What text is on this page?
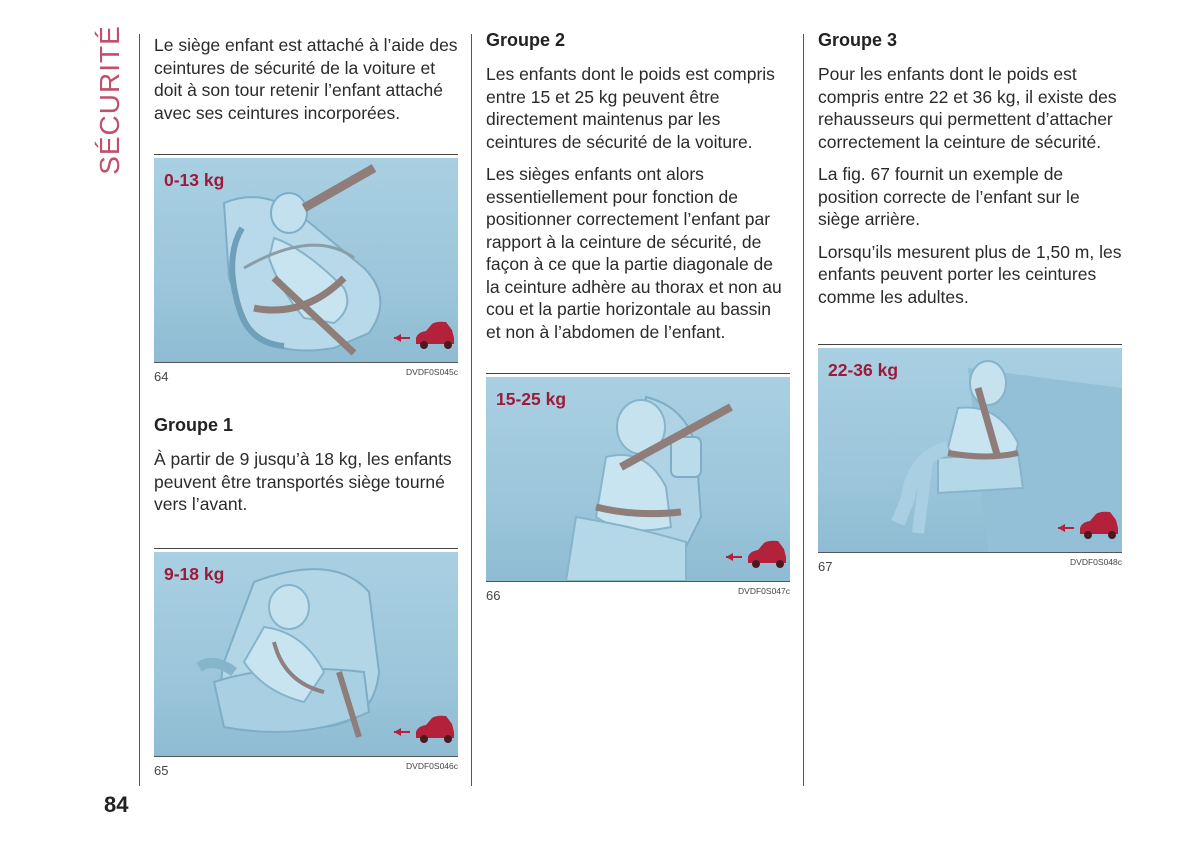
SÉCURITÉ Le siège enfant est attaché à l’aide des ceintures de sécurité de la voiture et doit à son tour retenir l’enfant attaché avec ses ceintures incorporées.

0-13 kg
64	DVDF0S045c
Groupe 1

À partir de 9 jusqu’à 18 kg, les enfants peuvent être transportés siège tourné vers l’avant.

9-18 kg
65	DVDF0S046c
Groupe 2

Les enfants dont le poids est compris entre 15 et 25 kg peuvent être directement maintenus par les ceintures de sécurité de la voiture.

Les sièges enfants ont alors essentiellement pour fonction de positionner correctement l’enfant par rapport à la ceinture de sécurité, de façon à ce que la partie diagonale de la ceinture adhère au thorax et non au cou et la partie horizontale au bassin et non à l’abdomen de l’enfant.

15-25 kg
66	DVDF0S047c
Groupe 3

Pour les enfants dont le poids est compris entre 22 et 36 kg, il existe des rehausseurs qui permettent d’attacher correctement la ceinture de sécurité.

La fig. 67 fournit un exemple de position correcte de l’enfant sur le siège arrière.

Lorsqu’ils mesurent plus de 1,50 m, les enfants peuvent porter les ceintures comme les adultes.

22-36 kg
67	DVDF0S048c
84
